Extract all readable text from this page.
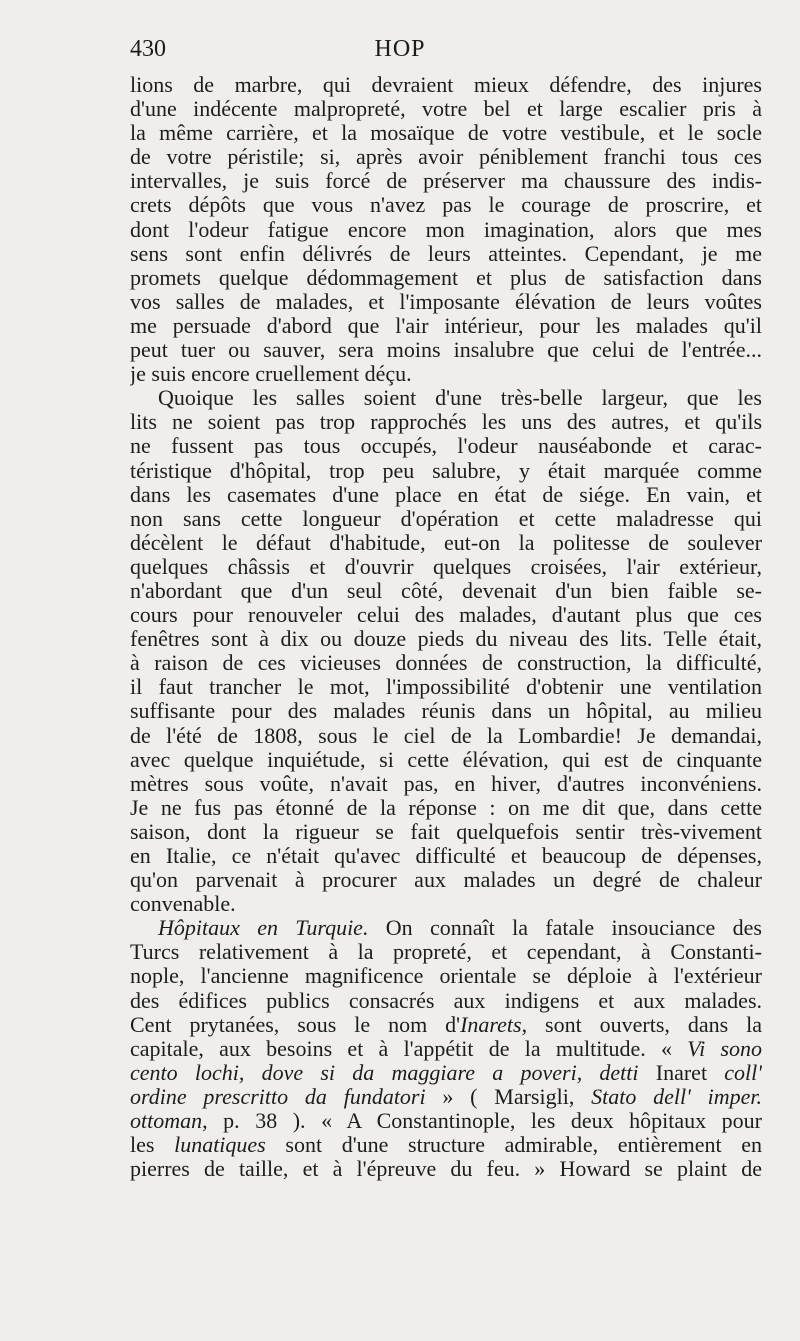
430	HOP
lions de marbre, qui devraient mieux défendre, des injures
d'une indécente malpropreté, votre bel et large escalier pris à
la même carrière, et la mosaïque de votre vestibule, et le socle
de votre péristile; si, après avoir péniblement franchi tous ces
intervalles, je suis forcé de préserver ma chaussure des indis-
crets dépôts que vous n'avez pas le courage de proscrire, et
dont l'odeur fatigue encore mon imagination, alors que mes
sens sont enfin délivrés de leurs atteintes. Cependant, je me
promets quelque dédommagement et plus de satisfaction dans
vos salles de malades, et l'imposante élévation de leurs voûtes
me persuade d'abord que l'air intérieur, pour les malades qu'il
peut tuer ou sauver, sera moins insalubre que celui de l'entrée...
je suis encore cruellement déçu.
Quoique les salles soient d'une très-belle largeur, que les
lits ne soient pas trop rapprochés les uns des autres, et qu'ils
ne fussent pas tous occupés, l'odeur nauséabonde et carac-
téristique d'hôpital, trop peu salubre, y était marquée comme
dans les casemates d'une place en état de siége. En vain, et
non sans cette longueur d'opération et cette maladresse qui
décèlent le défaut d'habitude, eut-on la politesse de soulever
quelques châssis et d'ouvrir quelques croisées, l'air extérieur,
n'abordant que d'un seul côté, devenait d'un bien faible se-
cours pour renouveler celui des malades, d'autant plus que ces
fenêtres sont à dix ou douze pieds du niveau des lits. Telle était,
à raison de ces vicieuses données de construction, la difficulté,
il faut trancher le mot, l'impossibilité d'obtenir une ventilation
suffisante pour des malades réunis dans un hôpital, au milieu
de l'été de 1808, sous le ciel de la Lombardie! Je demandai,
avec quelque inquiétude, si cette élévation, qui est de cinquante
mètres sous voûte, n'avait pas, en hiver, d'autres inconvéniens.
Je ne fus pas étonné de la réponse : on me dit que, dans cette
saison, dont la rigueur se fait quelquefois sentir très-vivement
en Italie, ce n'était qu'avec difficulté et beaucoup de dépenses,
qu'on parvenait à procurer aux malades un degré de chaleur
convenable.
Hôpitaux en Turquie. On connaît la fatale insouciance des
Turcs relativement à la propreté, et cependant, à Constanti-
nople, l'ancienne magnificence orientale se déploie à l'extérieur
des édifices publics consacrés aux indigens et aux malades.
Cent prytanées, sous le nom d'Inarets, sont ouverts, dans la
capitale, aux besoins et à l'appétit de la multitude. « Vi sono
cento lochi, dove si da maggiare a poveri, detti Inaret coll'
ordine prescritto da fundatori » ( Marsigli, Stato dell' imper.
ottoman, p. 38 ). « A Constantinople, les deux hôpitaux pour
les lunatiques sont d'une structure admirable, entièrement en
pierres de taille, et à l'épreuve du feu. » Howard se plaint de
